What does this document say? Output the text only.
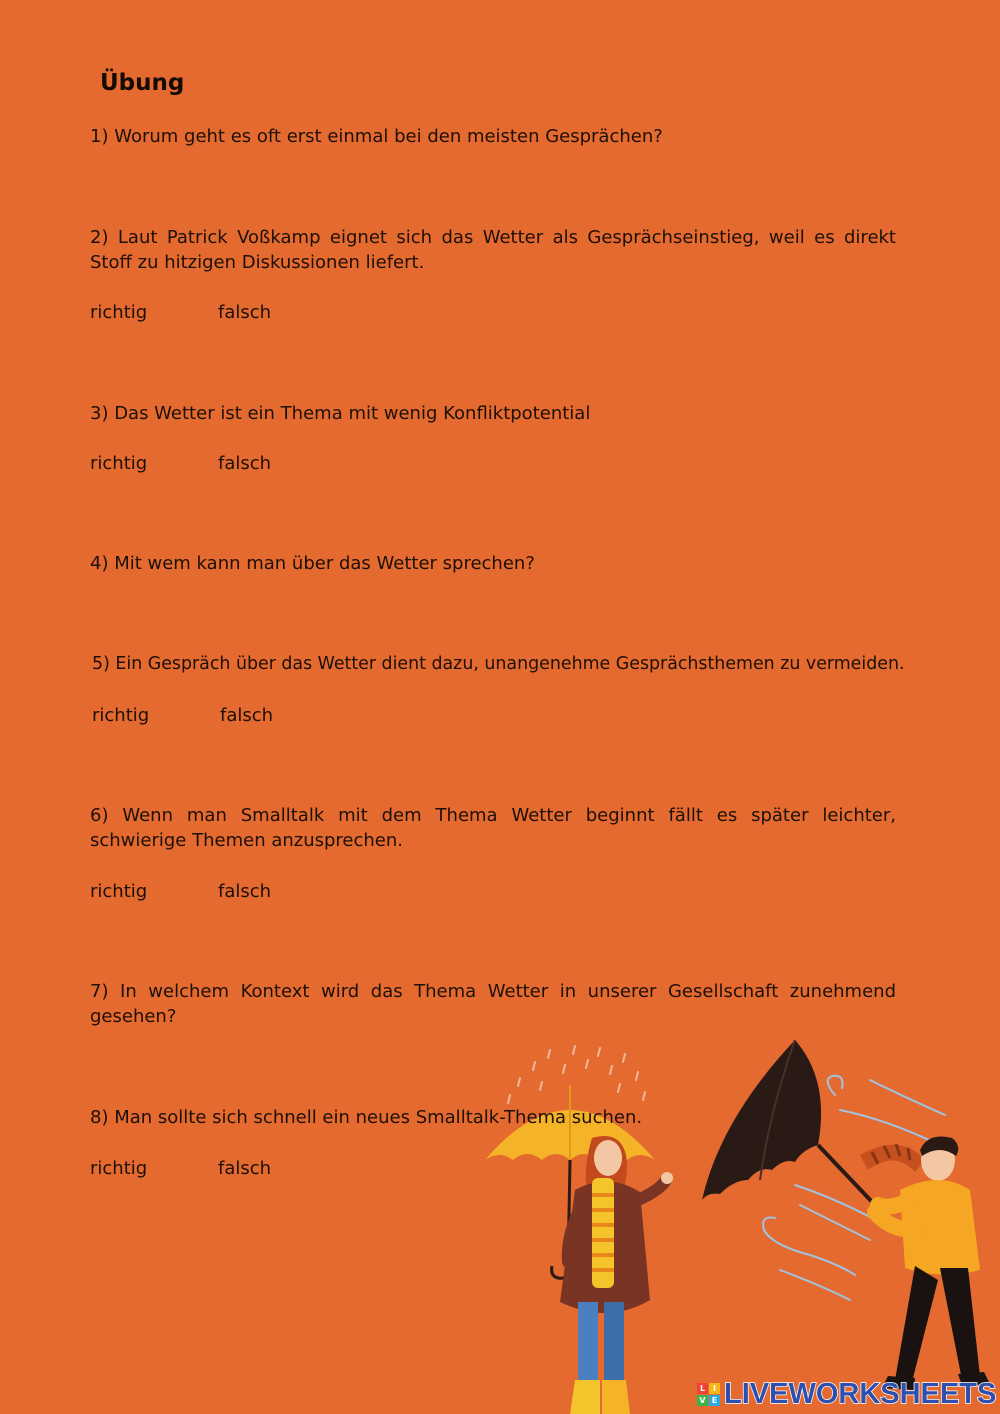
Übung
1) Worum geht es oft erst einmal bei den meisten Gesprächen?
2) Laut Patrick Voßkamp eignet sich das Wetter als Gesprächseinstieg, weil es direkt Stoff zu hitzigen Diskussionen liefert.
richtig	falsch
3) Das Wetter ist ein Thema mit wenig Konfliktpotential
richtig	falsch
4) Mit wem kann man über das Wetter sprechen?
5) Ein Gespräch über das Wetter dient dazu, unangenehme Gesprächsthemen zu vermeiden.
richtig	falsch
6) Wenn man Smalltalk mit dem Thema Wetter beginnt fällt es später leichter, schwierige Themen anzusprechen.
richtig	falsch
7) In welchem Kontext wird das Thema Wetter in unserer Gesellschaft zunehmend gesehen?
8) Man sollte sich schnell ein neues Smalltalk-Thema suchen.
richtig	falsch
L I
V E LIVEWORKSHEETS
